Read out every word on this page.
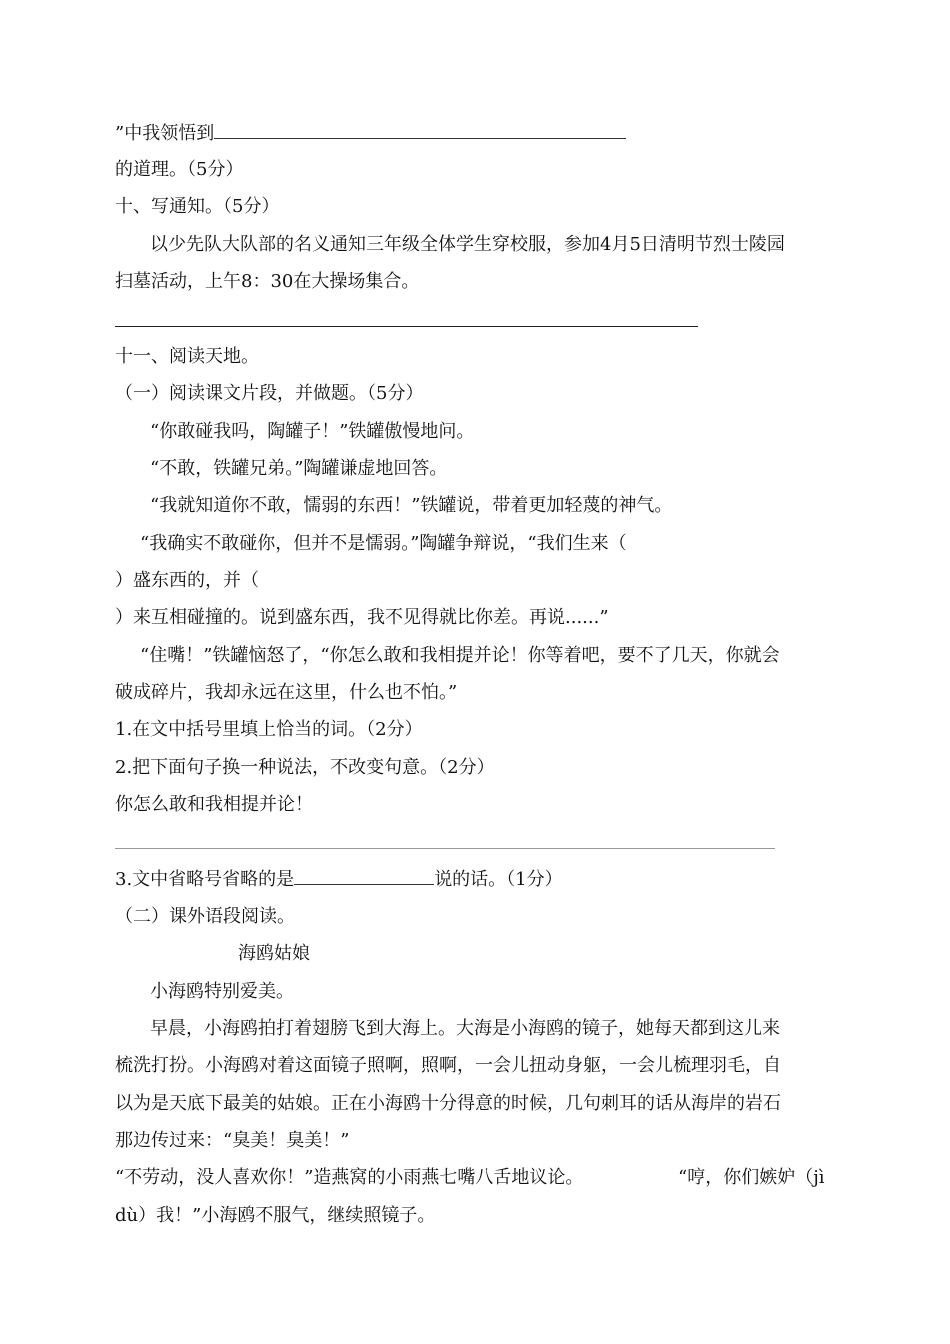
”中我领悟到
的道理。（5分）
十、写通知。（5分）
以少先队大队部的名义通知三年级全体学生穿校服，参加4月5日清明节烈士陵园
扫墓活动，上午8：30在大操场集合。
十一、阅读天地。
（一）阅读课文片段，并做题。（5分）
“你敢碰我吗，陶罐子！”铁罐傲慢地问。
“不敢，铁罐兄弟。”陶罐谦虚地回答。
“我就知道你不敢，懦弱的东西！”铁罐说，带着更加轻蔑的神气。
“我确实不敢碰你，但并不是懦弱。”陶罐争辩说，“我们生来（
）盛东西的，并（
）来互相碰撞的。说到盛东西，我不见得就比你差。再说......”
“住嘴！”铁罐恼怒了，“你怎么敢和我相提并论！你等着吧，要不了几天，你就会
破成碎片，我却永远在这里，什么也不怕。”
1.在文中括号里填上恰当的词。（2分）
2.把下面句子换一种说法，不改变句意。（2分）
你怎么敢和我相提并论！
3.文中省略号省略的是	说的话。（1分）
（二）课外语段阅读。
海鸥姑娘
小海鸥特别爱美。
早晨，小海鸥拍打着翅膀飞到大海上。大海是小海鸥的镜子，她每天都到这儿来
梳洗打扮。小海鸥对着这面镜子照啊，照啊，一会儿扭动身躯，一会儿梳理羽毛，自
以为是天底下最美的姑娘。正在小海鸥十分得意的时候，几句刺耳的话从海岸的岩石
那边传过来：“臭美！臭美！”
“不劳动，没人喜欢你！”造燕窝的小雨燕七嘴八舌地议论。	“哼，你们嫉妒（jì
dù）我！”小海鸥不服气，继续照镜子。
